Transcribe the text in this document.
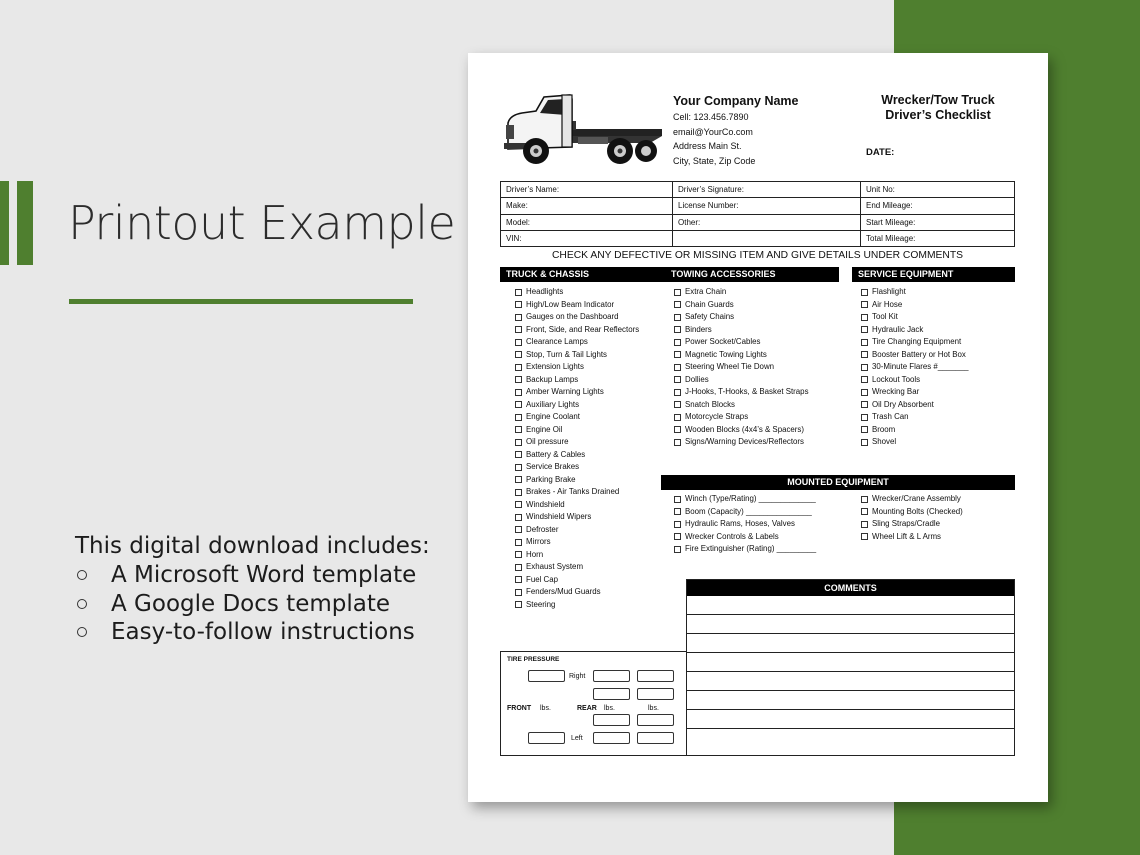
Printout Example
This digital download includes:
A Microsoft Word template
A Google Docs template
Easy-to-follow instructions
Your Company Name
Cell: 123.456.7890
email@YourCo.com
Address Main St.
City, State, Zip Code
Wrecker/Tow Truck
Driver’s Checklist
DATE:
Driver’s Name:	Driver’s Signature:	Unit No:
Make:	License Number:	End Mileage:
Model:	Other:	Start Mileage:
VIN:		Total Mileage:
CHECK ANY DEFECTIVE OR MISSING ITEM AND GIVE DETAILS UNDER COMMENTS
TRUCK & CHASSIS	TOWING ACCESSORIES	SERVICE EQUIPMENT
Headlights
High/Low Beam Indicator
Gauges on the Dashboard
Front, Side, and Rear Reflectors
Clearance Lamps
Stop, Turn & Tail Lights
Extension Lights
Backup Lamps
Amber Warning Lights
Auxiliary Lights
Engine Coolant
Engine Oil
Oil pressure
Battery & Cables
Service Brakes
Parking Brake
Brakes - Air Tanks Drained
Windshield
Windshield Wipers
Defroster
Mirrors
Horn
Exhaust System
Fuel Cap
Fenders/Mud Guards
Steering
Extra Chain
Chain Guards
Safety Chains
Binders
Power Socket/Cables
Magnetic Towing Lights
Steering Wheel Tie Down
Dollies
J-Hooks, T-Hooks, & Basket Straps
Snatch Blocks
Motorcycle Straps
Wooden Blocks (4x4’s & Spacers)
Signs/Warning Devices/Reflectors
Flashlight
Air Hose
Tool Kit
Hydraulic Jack
Tire Changing Equipment
Booster Battery or Hot Box
30-Minute Flares #_______
Lockout Tools
Wrecking Bar
Oil Dry Absorbent
Trash Can
Broom
Shovel
MOUNTED EQUIPMENT
Winch (Type/Rating) _____________
Boom (Capacity) _______________
Hydraulic Rams, Hoses, Valves
Wrecker Controls & Labels
Fire Extinguisher (Rating) _________
Wrecker/Crane Assembly
Mounting Bolts (Checked)
Sling Straps/Cradle
Wheel Lift & L Arms
COMMENTS
TIRE PRESSURE
Right
FRONT lbs.	REAR lbs.	lbs.
Left
